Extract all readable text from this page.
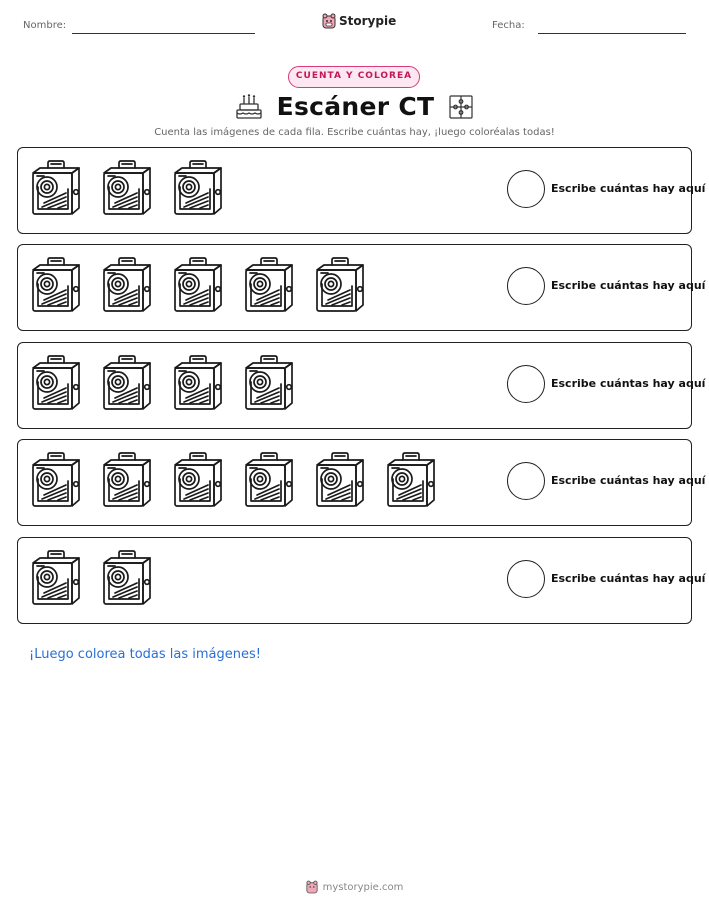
Nombre:	Storypie	Fecha:
CUENTA Y COLOREA
Escáner CT
Cuenta las imágenes de cada fila. Escribe cuántas hay, ¡luego coloréalas todas!
Escribe cuántas hay aquí
Escribe cuántas hay aquí
Escribe cuántas hay aquí
Escribe cuántas hay aquí
Escribe cuántas hay aquí
¡Luego colorea todas las imágenes!
mystorypie.com
